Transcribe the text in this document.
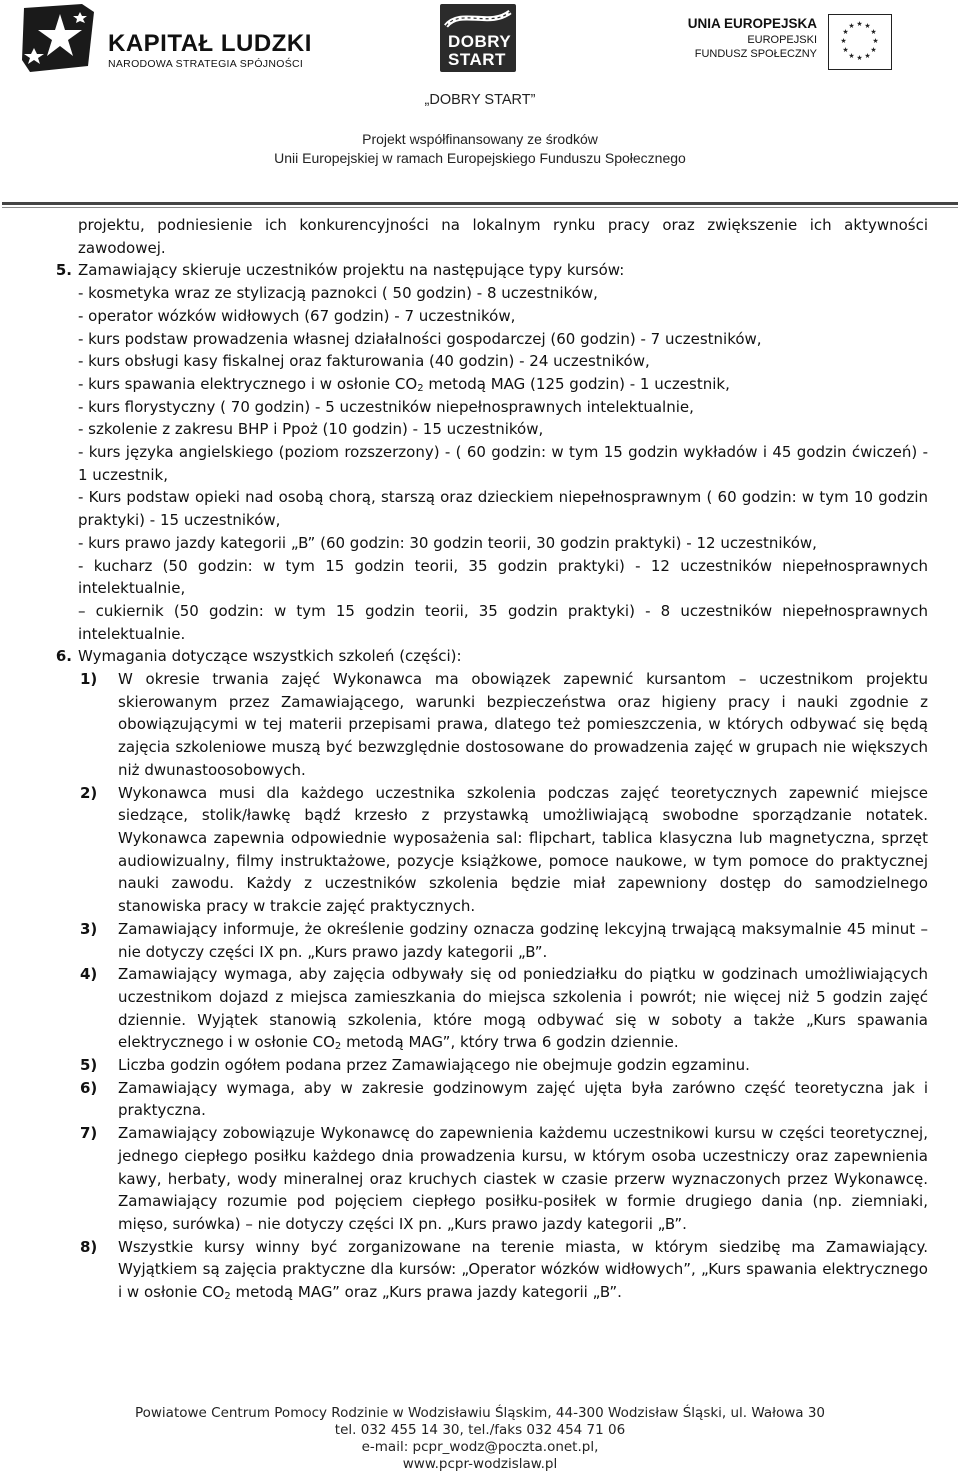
KAPITAŁ LUDZKI
NARODOWA STRATEGIA SPÓJNOŚCI
DOBRY
START
UNIA EUROPEJSKA
EUROPEJSKI
FUNDUSZ SPOŁECZNY
★ ★
★
★
★
★
★
★
★
★
★
★
„DOBRY START”
Projekt współfinansowany ze środków
Unii Europejskiej w ramach Europejskiego Funduszu Społecznego

projektu, podniesienie ich konkurencyjności na lokalnym rynku pracy oraz zwiększenie ich aktywności zawodowej.

5. Zamawiający skieruje uczestników projektu na następujące typy kursów:

- kosmetyka wraz ze stylizacją paznokci ( 50 godzin) - 8 uczestników,

- operator wózków widłowych (67 godzin) - 7 uczestników,

- kurs podstaw prowadzenia własnej działalności gospodarczej (60 godzin) - 7 uczestników,

- kurs obsługi kasy fiskalnej oraz fakturowania (40 godzin) - 24 uczestników,

- kurs spawania elektrycznego i w osłonie $CO_2$ metodą MAG (125 godzin) - 1 uczestnik,

- kurs florystyczny ( 70 godzin) - 5 uczestników niepełnosprawnych intelektualnie,

- szkolenie z zakresu BHP i Ppoż (10 godzin) - 15 uczestników,

- kurs języka angielskiego (poziom rozszerzony) - ( 60 godzin: w tym 15 godzin wykładów i 45 godzin ćwiczeń) - 1 uczestnik,

- Kurs podstaw opieki nad osobą chorą, starszą oraz dzieckiem niepełnosprawnym ( 60 godzin: w tym 10 godzin praktyki) - 15 uczestników,

- kurs prawo jazdy kategorii „B” (60 godzin: 30 godzin teorii, 30 godzin praktyki) - 12 uczestników,

- kucharz (50 godzin: w tym 15 godzin teorii, 35 godzin praktyki) - 12 uczestników niepełnosprawnych intelektualnie,

– cukiernik (50 godzin: w tym 15 godzin teorii, 35 godzin praktyki) - 8 uczestników niepełnosprawnych intelektualnie.

6. Wymagania dotyczące wszystkich szkoleń (części):

1)	W okresie trwania zajęć Wykonawca ma obowiązek zapewnić kursantom – uczestnikom projektu skierowanym przez Zamawiającego, warunki bezpieczeństwa oraz higieny pracy i nauki zgodnie z obowiązującymi w tej materii przepisami prawa, dlatego też pomieszczenia, w których odbywać się będą zajęcia szkoleniowe muszą być bezwzględnie dostosowane do prowadzenia zajęć w grupach nie większych niż dwunastoosobowych.
2)	Wykonawca musi dla każdego uczestnika szkolenia podczas zajęć teoretycznych zapewnić miejsce siedzące, stolik/ławkę bądź krzesło z przystawką umożliwiającą swobodne sporządzanie notatek. Wykonawca zapewnia odpowiednie wyposażenia sal: flipchart, tablica klasyczna lub magnetyczna, sprzęt audiowizualny, filmy instruktażowe, pozycje książkowe, pomoce naukowe, w tym pomoce do praktycznej nauki zawodu. Każdy z uczestników szkolenia będzie miał zapewniony dostęp do samodzielnego stanowiska pracy w trakcie zajęć praktycznych.
3)	Zamawiający informuje, że określenie godziny oznacza godzinę lekcyjną trwającą maksymalnie 45 minut – nie dotyczy części IX pn. „Kurs prawo jazdy kategorii „B”.
4)	Zamawiający wymaga, aby zajęcia odbywały się od poniedziałku do piątku w godzinach umożliwiających uczestnikom dojazd z miejsca zamieszkania do miejsca szkolenia i powrót; nie więcej niż 5 godzin zajęć dziennie. Wyjątek stanowią szkolenia, które mogą odbywać się w soboty a także „Kurs spawania elektrycznego i w osłonie $CO_2$ metodą MAG”, który trwa 6 godzin dziennie.
5)	Liczba godzin ogółem podana przez Zamawiającego nie obejmuje godzin egzaminu.
6)	Zamawiający wymaga, aby w zakresie godzinowym zajęć ujęta była zarówno część teoretyczna jak i praktyczna.
7)	Zamawiający zobowiązuje Wykonawcę do zapewnienia każdemu uczestnikowi kursu w części teoretycznej, jednego ciepłego posiłku każdego dnia prowadzenia kursu, w którym osoba uczestniczy oraz zapewnienia kawy, herbaty, wody mineralnej oraz kruchych ciastek w czasie przerw wyznaczonych przez Wykonawcę. Zamawiający rozumie pod pojęciem ciepłego posiłku-posiłek w formie drugiego dania (np. ziemniaki, mięso, surówka) – nie dotyczy części IX pn. „Kurs prawo jazdy kategorii „B”.
8)	Wszystkie kursy winny być zorganizowane na terenie miasta, w którym siedzibę ma Zamawiający. Wyjątkiem są zajęcia praktyczne dla kursów: „Operator wózków widłowych”, „Kurs spawania elektrycznego i w osłonie $CO_2$ metodą MAG” oraz „Kurs prawa jazdy kategorii „B”.
Powiatowe Centrum Pomocy Rodzinie w Wodzisławiu Śląskim, 44-300 Wodzisław Śląski, ul. Wałowa 30
tel. 032 455 14 30, tel./faks 032 454 71 06
e-mail: pcpr_wodz@poczta.onet.pl,
www.pcpr-wodzislaw.pl
